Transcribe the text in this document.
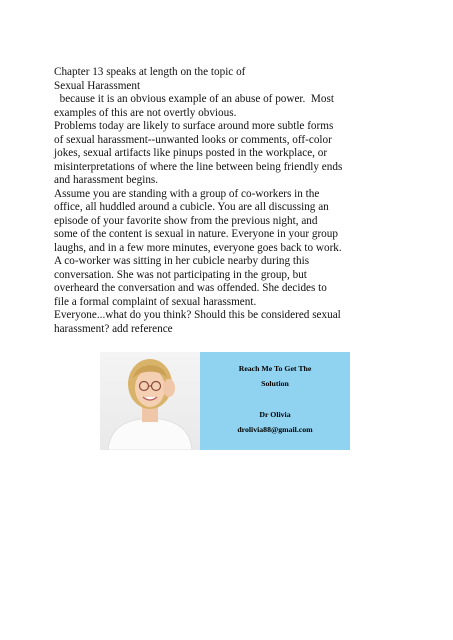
Chapter 13 speaks at length on the topic of

Sexual Harassment

because it is an obvious example of an abuse of power.  Most

examples of this are not overtly obvious.

Problems today are likely to surface around more subtle forms

of sexual harassment--unwanted looks or comments, off-color

jokes, sexual artifacts like pinups posted in the workplace, or

misinterpretations of where the line between being friendly ends

and harassment begins.

Assume you are standing with a group of co-workers in the

office, all huddled around a cubicle. You are all discussing an

episode of your favorite show from the previous night, and

some of the content is sexual in nature. Everyone in your group

laughs, and in a few more minutes, everyone goes back to work.

A co-worker was sitting in her cubicle nearby during this

conversation. She was not participating in the group, but

overheard the conversation and was offended. She decides to

file a formal complaint of sexual harassment.

Everyone...what do you think? Should this be considered sexual

harassment? add reference

Reach Me To Get The
Solution
Dr Olivia
drolivia88@gmail.com
